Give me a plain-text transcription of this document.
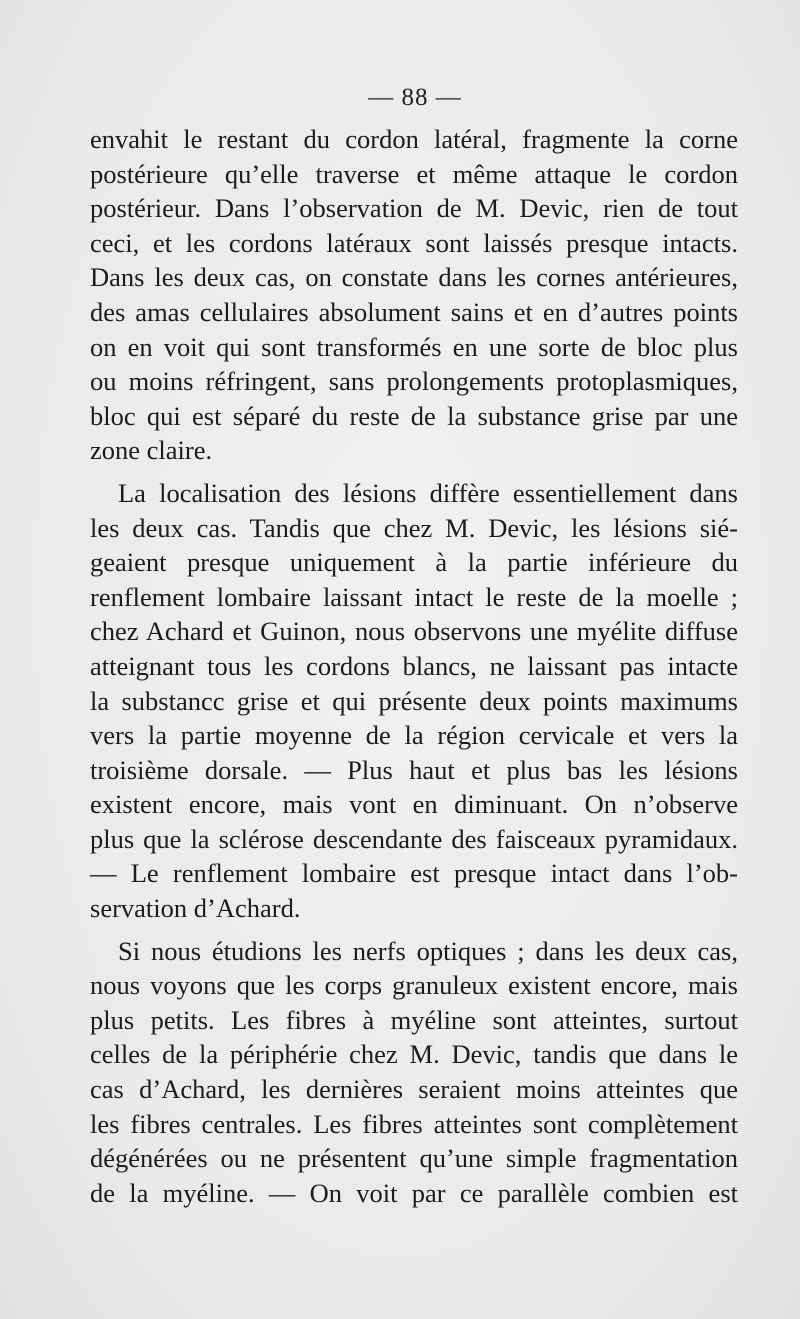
— 88 —
envahit le restant du cordon latéral, fragmente la corne
postérieure qu’elle traverse et même attaque le cordon
postérieur. Dans l’observation de M. Devic, rien de tout
ceci, et les cordons latéraux sont laissés presque intacts.
Dans les deux cas, on constate dans les cornes antérieures,
des amas cellulaires absolument sains et en d’autres points
on en voit qui sont transformés en une sorte de bloc plus
ou moins réfringent, sans prolongements protoplasmiques,
bloc qui est séparé du reste de la substance grise par une
zone claire.
La localisation des lésions diffère essentiellement dans
les deux cas. Tandis que chez M. Devic, les lésions sié-
geaient presque uniquement à la partie inférieure du
renflement lombaire laissant intact le reste de la moelle ;
chez Achard et Guinon, nous observons une myélite diffuse
atteignant tous les cordons blancs, ne laissant pas intacte
la substancc grise et qui présente deux points maximums
vers la partie moyenne de la région cervicale et vers la
troisième dorsale. — Plus haut et plus bas les lésions
existent encore, mais vont en diminuant. On n’observe
plus que la sclérose descendante des faisceaux pyramidaux.
— Le renflement lombaire est presque intact dans l’ob-
servation d’Achard.
Si nous étudions les nerfs optiques ; dans les deux cas,
nous voyons que les corps granuleux existent encore, mais
plus petits. Les fibres à myéline sont atteintes, surtout
celles de la périphérie chez M. Devic, tandis que dans le
cas d’Achard, les dernières seraient moins atteintes que
les fibres centrales. Les fibres atteintes sont complètement
dégénérées ou ne présentent qu’une simple fragmentation
de la myéline. — On voit par ce parallèle combien est
